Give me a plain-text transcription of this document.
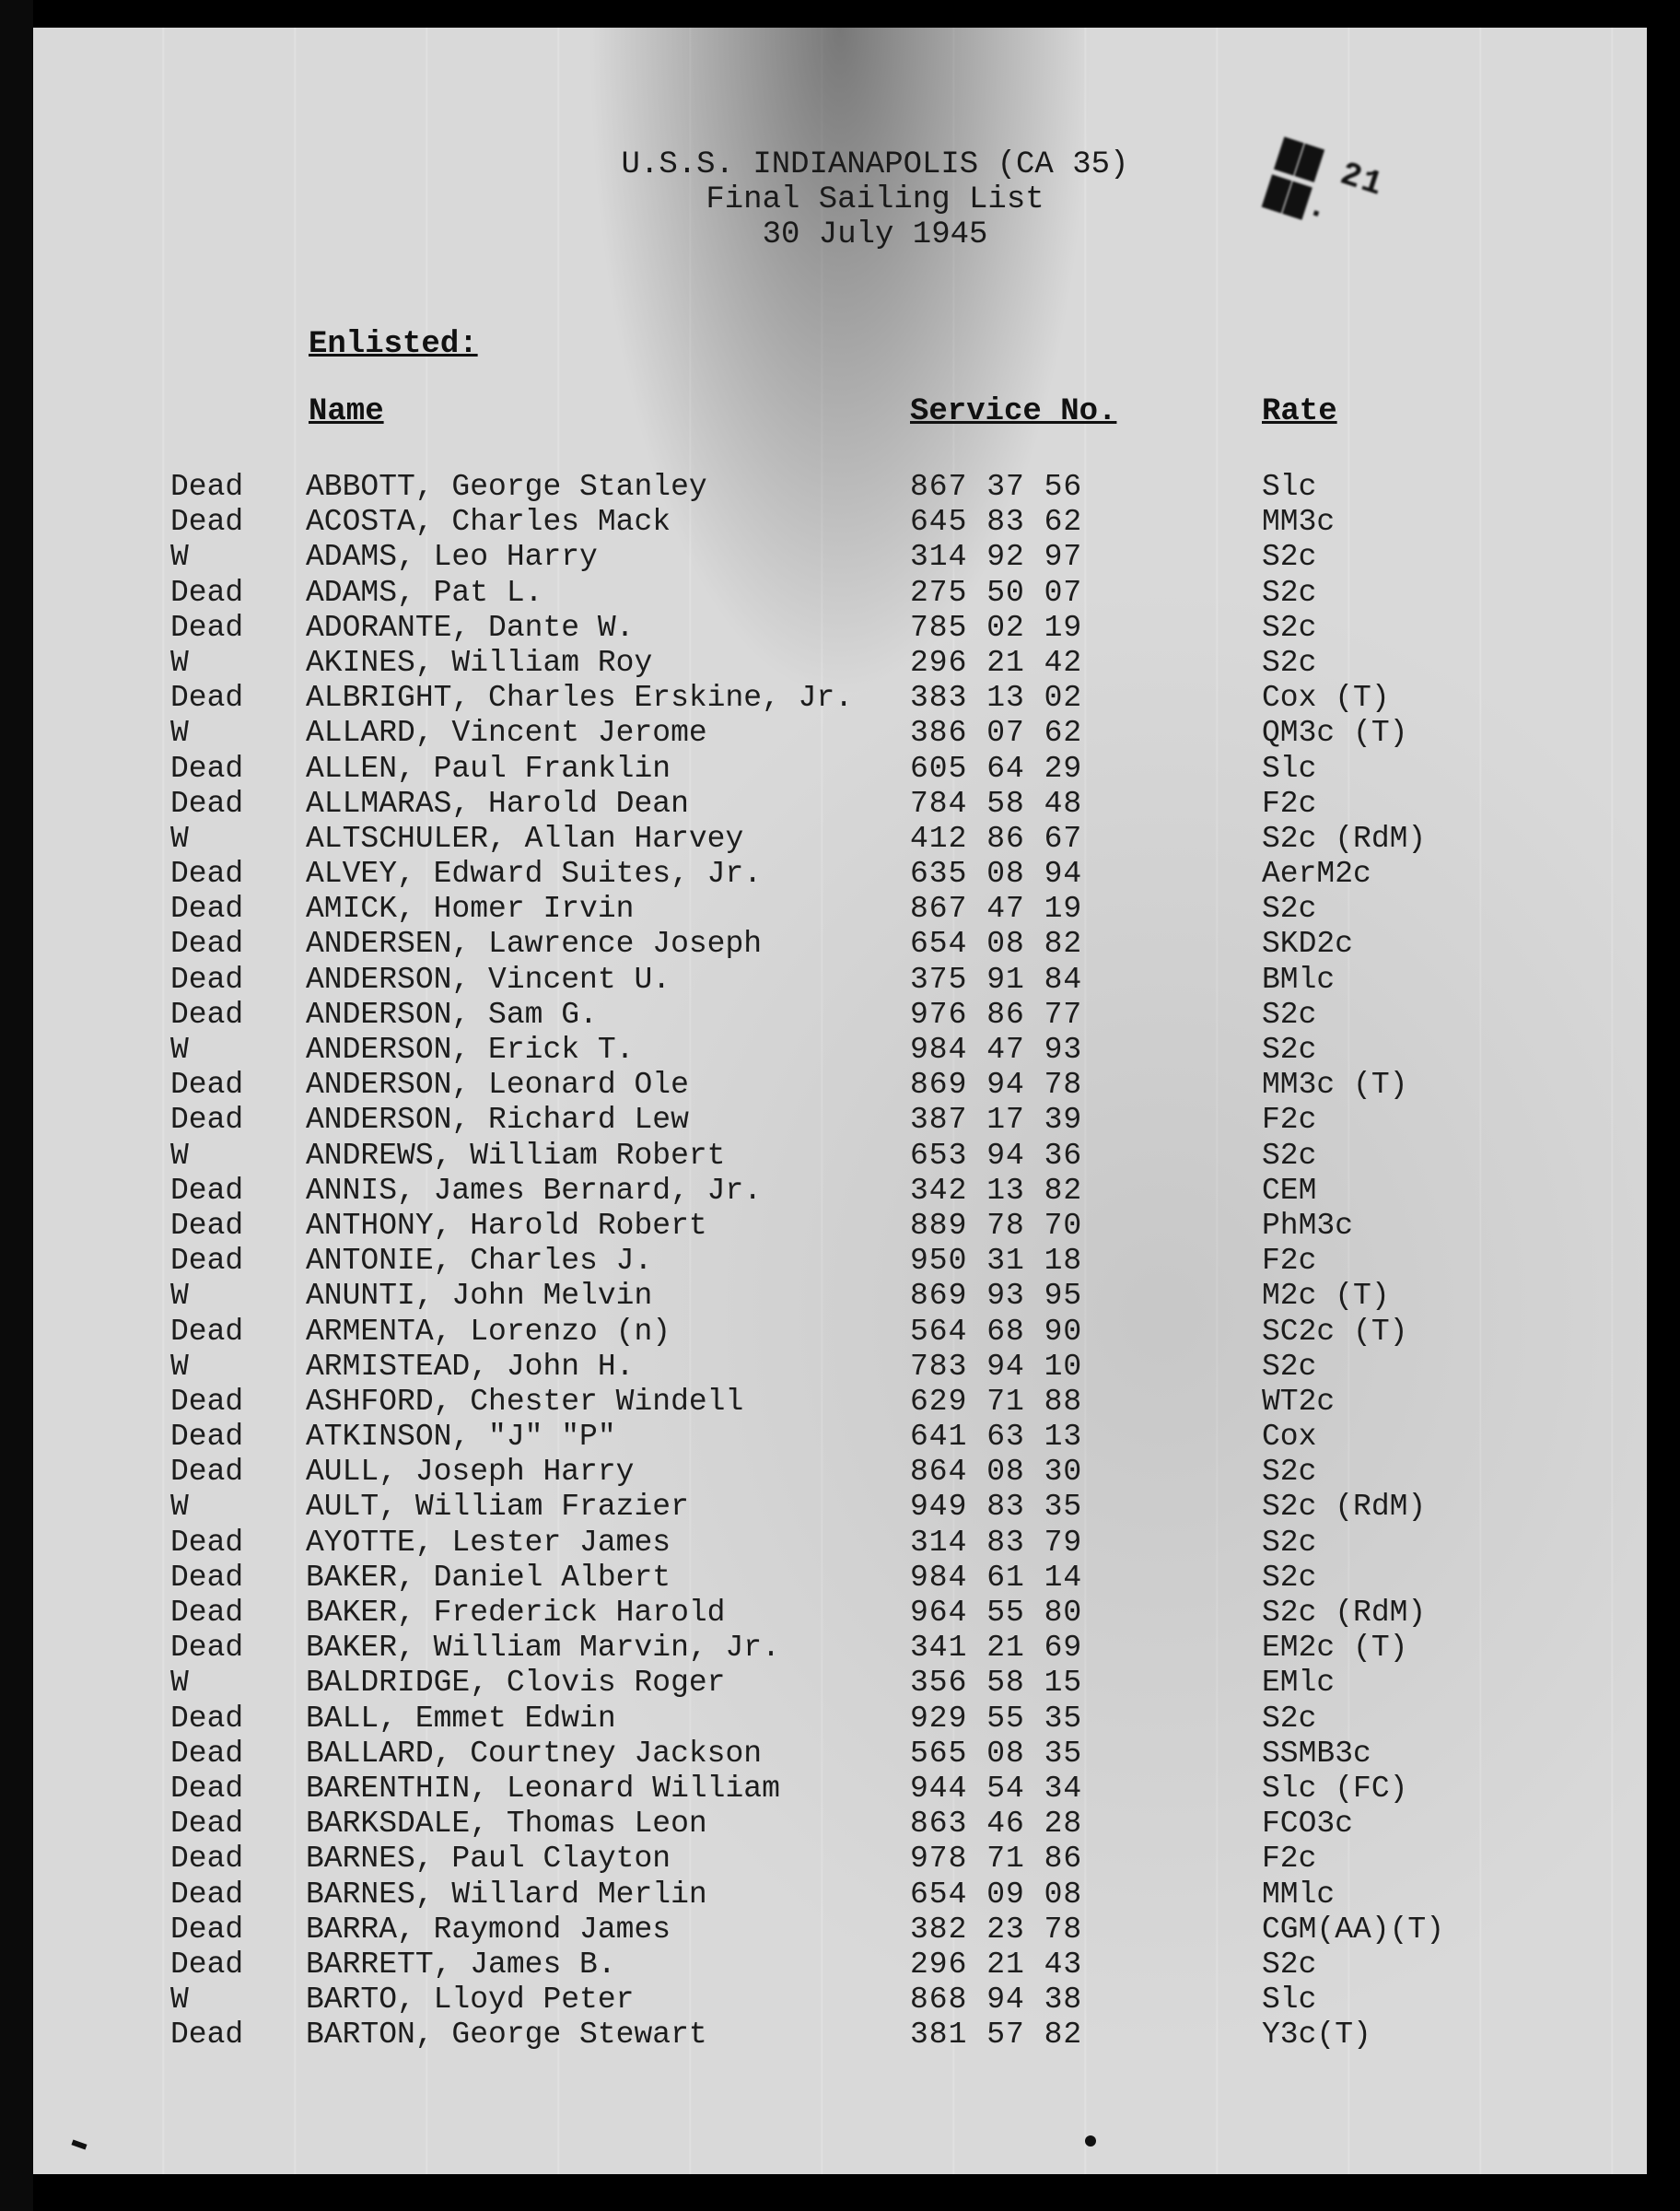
U.S.S. INDIANAPOLIS (CA 35)
Final Sailing List
30 July 1945
▇▇ 21 ▇▇.
Enlisted:
Name	Service No.	Rate
Dead ABBOTT, George Stanley	867 37 56	Slc
Dead ACOSTA, Charles Mack	645 83 62	MM3c
W	ADAMS, Leo Harry	314 92 97	S2c
Dead ADAMS, Pat L.	275 50 07	S2c
Dead ADORANTE, Dante W.	785 02 19	S2c
W	AKINES, William Roy	296 21 42	S2c
Dead ALBRIGHT, Charles Erskine, Jr. 383 13 02	Cox (T)
W	ALLARD, Vincent Jerome	386 07 62	QM3c (T)
Dead ALLEN, Paul Franklin	605 64 29	Slc
Dead ALLMARAS, Harold Dean	784 58 48	F2c
W	ALTSCHULER, Allan Harvey	412 86 67	S2c (RdM)
Dead ALVEY, Edward Suites, Jr.	635 08 94	AerM2c
Dead AMICK, Homer Irvin	867 47 19	S2c
Dead ANDERSEN, Lawrence Joseph	654 08 82	SKD2c
Dead ANDERSON, Vincent U.	375 91 84	BMlc
Dead ANDERSON, Sam G.	976 86 77	S2c
W	ANDERSON, Erick T.	984 47 93	S2c
Dead ANDERSON, Leonard Ole	869 94 78	MM3c (T)
Dead ANDERSON, Richard Lew	387 17 39	F2c
W	ANDREWS, William Robert	653 94 36	S2c
Dead ANNIS, James Bernard, Jr.	342 13 82	CEM
Dead ANTHONY, Harold Robert	889 78 70	PhM3c
Dead ANTONIE, Charles J.	950 31 18	F2c
W	ANUNTI, John Melvin	869 93 95	M2c (T)
Dead ARMENTA, Lorenzo (n)	564 68 90	SC2c (T)
W	ARMISTEAD, John H.	783 94 10	S2c
Dead ASHFORD, Chester Windell	629 71 88	WT2c
Dead ATKINSON, "J" "P"	641 63 13	Cox
Dead AULL, Joseph Harry	864 08 30	S2c
W	AULT, William Frazier	949 83 35	S2c (RdM)
Dead AYOTTE, Lester James	314 83 79	S2c
Dead BAKER, Daniel Albert	984 61 14	S2c
Dead BAKER, Frederick Harold	964 55 80	S2c (RdM)
Dead BAKER, William Marvin, Jr.	341 21 69	EM2c (T)
W	BALDRIDGE, Clovis Roger	356 58 15	EMlc
Dead BALL, Emmet Edwin	929 55 35	S2c
Dead BALLARD, Courtney Jackson	565 08 35	SSMB3c
Dead BARENTHIN, Leonard William	944 54 34	Slc (FC)
Dead BARKSDALE, Thomas Leon	863 46 28	FCO3c
Dead BARNES, Paul Clayton	978 71 86	F2c
Dead BARNES, Willard Merlin	654 09 08	MMlc
Dead BARRA, Raymond James	382 23 78	CGM(AA)(T)
Dead BARRETT, James B.	296 21 43	S2c
W	BARTO, Lloyd Peter	868 94 38	Slc
Dead BARTON, George Stewart	381 57 82	Y3c(T)
